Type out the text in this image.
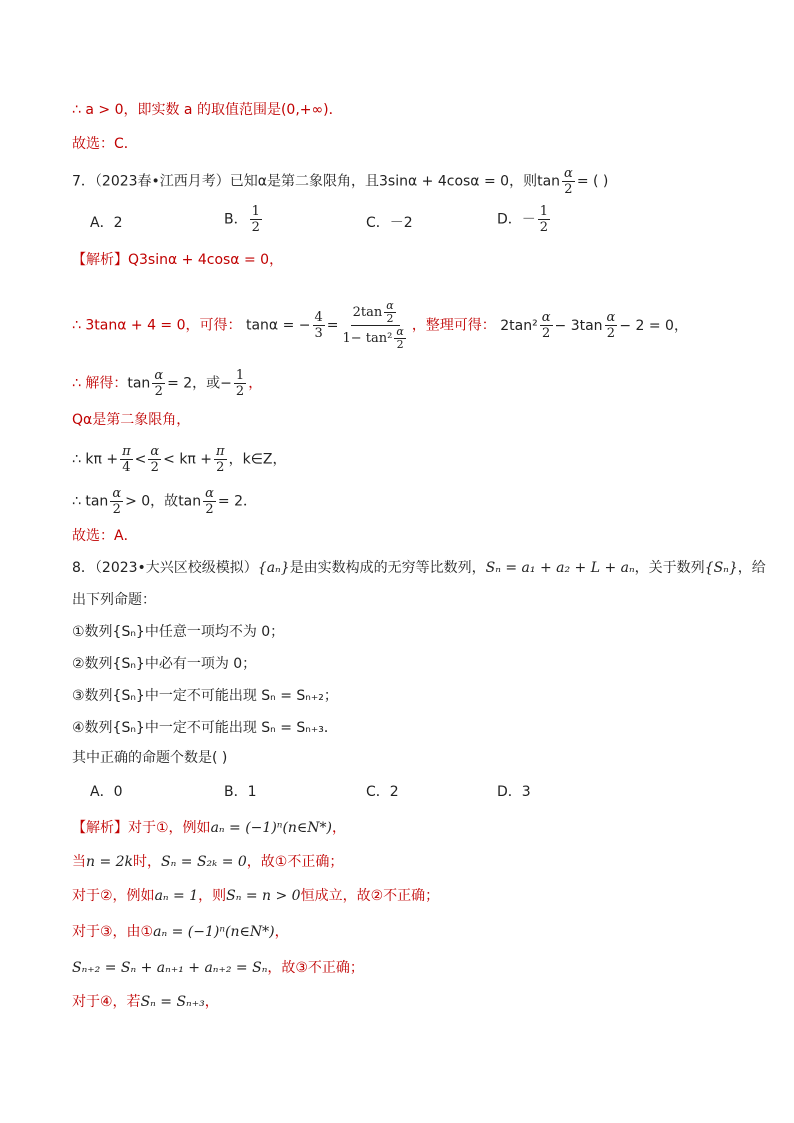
∴ a > 0，即实数 a 的取值范围是(0,+∞)．
故选：C．
7．（2023春•江西月考）已知α是第二象限角，且3sinα + 4cosα = 0，则$\tan \frac{\alpha}{2}$ = ( )
A．2	B． $\frac{1}{2}$	C．－2	D．－ $\frac{1}{2}$
【解析】Q3sinα + 4cosα = 0，
∴ 3tanα + 4 = 0，可得： tanα = − $\frac{4}{3} = \frac{2\tan \frac{\alpha}{2}}{1- \tan^2 \frac{\alpha}{2}}$ ，整理可得： $2\tan^2 \frac{\alpha}{2} - 3\tan \frac{\alpha}{2} - 2 = 0$，
∴ 解得：$\tan \frac{\alpha}{2} = 2$，或− $\frac{1}{2}$ ，
Qα是第二象限角，
∴ $k\pi + \frac{\pi}{4} < \frac{\alpha}{2} < k\pi + \frac{\pi}{2}$ ，k∈Z，
∴ $\tan \frac{\alpha}{2} > 0$，故$\tan \frac{\alpha}{2} = 2$．
故选：A．
8．（2023•大兴区校级模拟）{aₙ}是由实数构成的无穷等比数列，Sₙ = a₁ + a₂ + L + aₙ，关于数列{Sₙ}，给
出下列命题：
①数列{Sₙ}中任意一项均不为 0；
②数列{Sₙ}中必有一项为 0；
③数列{Sₙ}中一定不可能出现 Sₙ = Sₙ₊₂；
④数列{Sₙ}中一定不可能出现 Sₙ = Sₙ₊₃．
其中正确的命题个数是( )
A．0	B．1	C．2	D．3
【解析】对于①，例如aₙ = (−1)ⁿ(n∈N*)，
当n = 2k时，Sₙ = S₂ₖ = 0，故①不正确；
对于②，例如aₙ = 1，则Sₙ = n > 0恒成立，故②不正确；
对于③，由①aₙ = (−1)ⁿ(n∈N*)，
Sₙ₊₂ = Sₙ + aₙ₊₁ + aₙ₊₂ = Sₙ，故③不正确；
对于④，若Sₙ = Sₙ₊₃，
